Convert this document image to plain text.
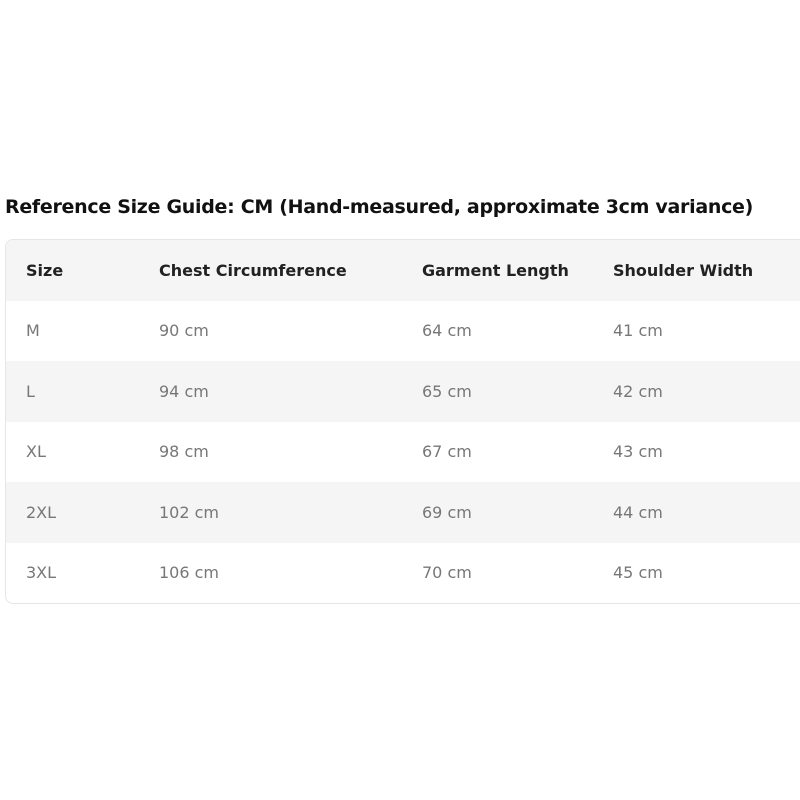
Reference Size Guide: CM (Hand-measured, approximate 3cm variance)
Size	Chest Circumference	Garment Length	Shoulder Width
M	90 cm	64 cm	41 cm
L	94 cm	65 cm	42 cm
XL	98 cm	67 cm	43 cm
2XL	102 cm	69 cm	44 cm
3XL	106 cm	70 cm	45 cm
